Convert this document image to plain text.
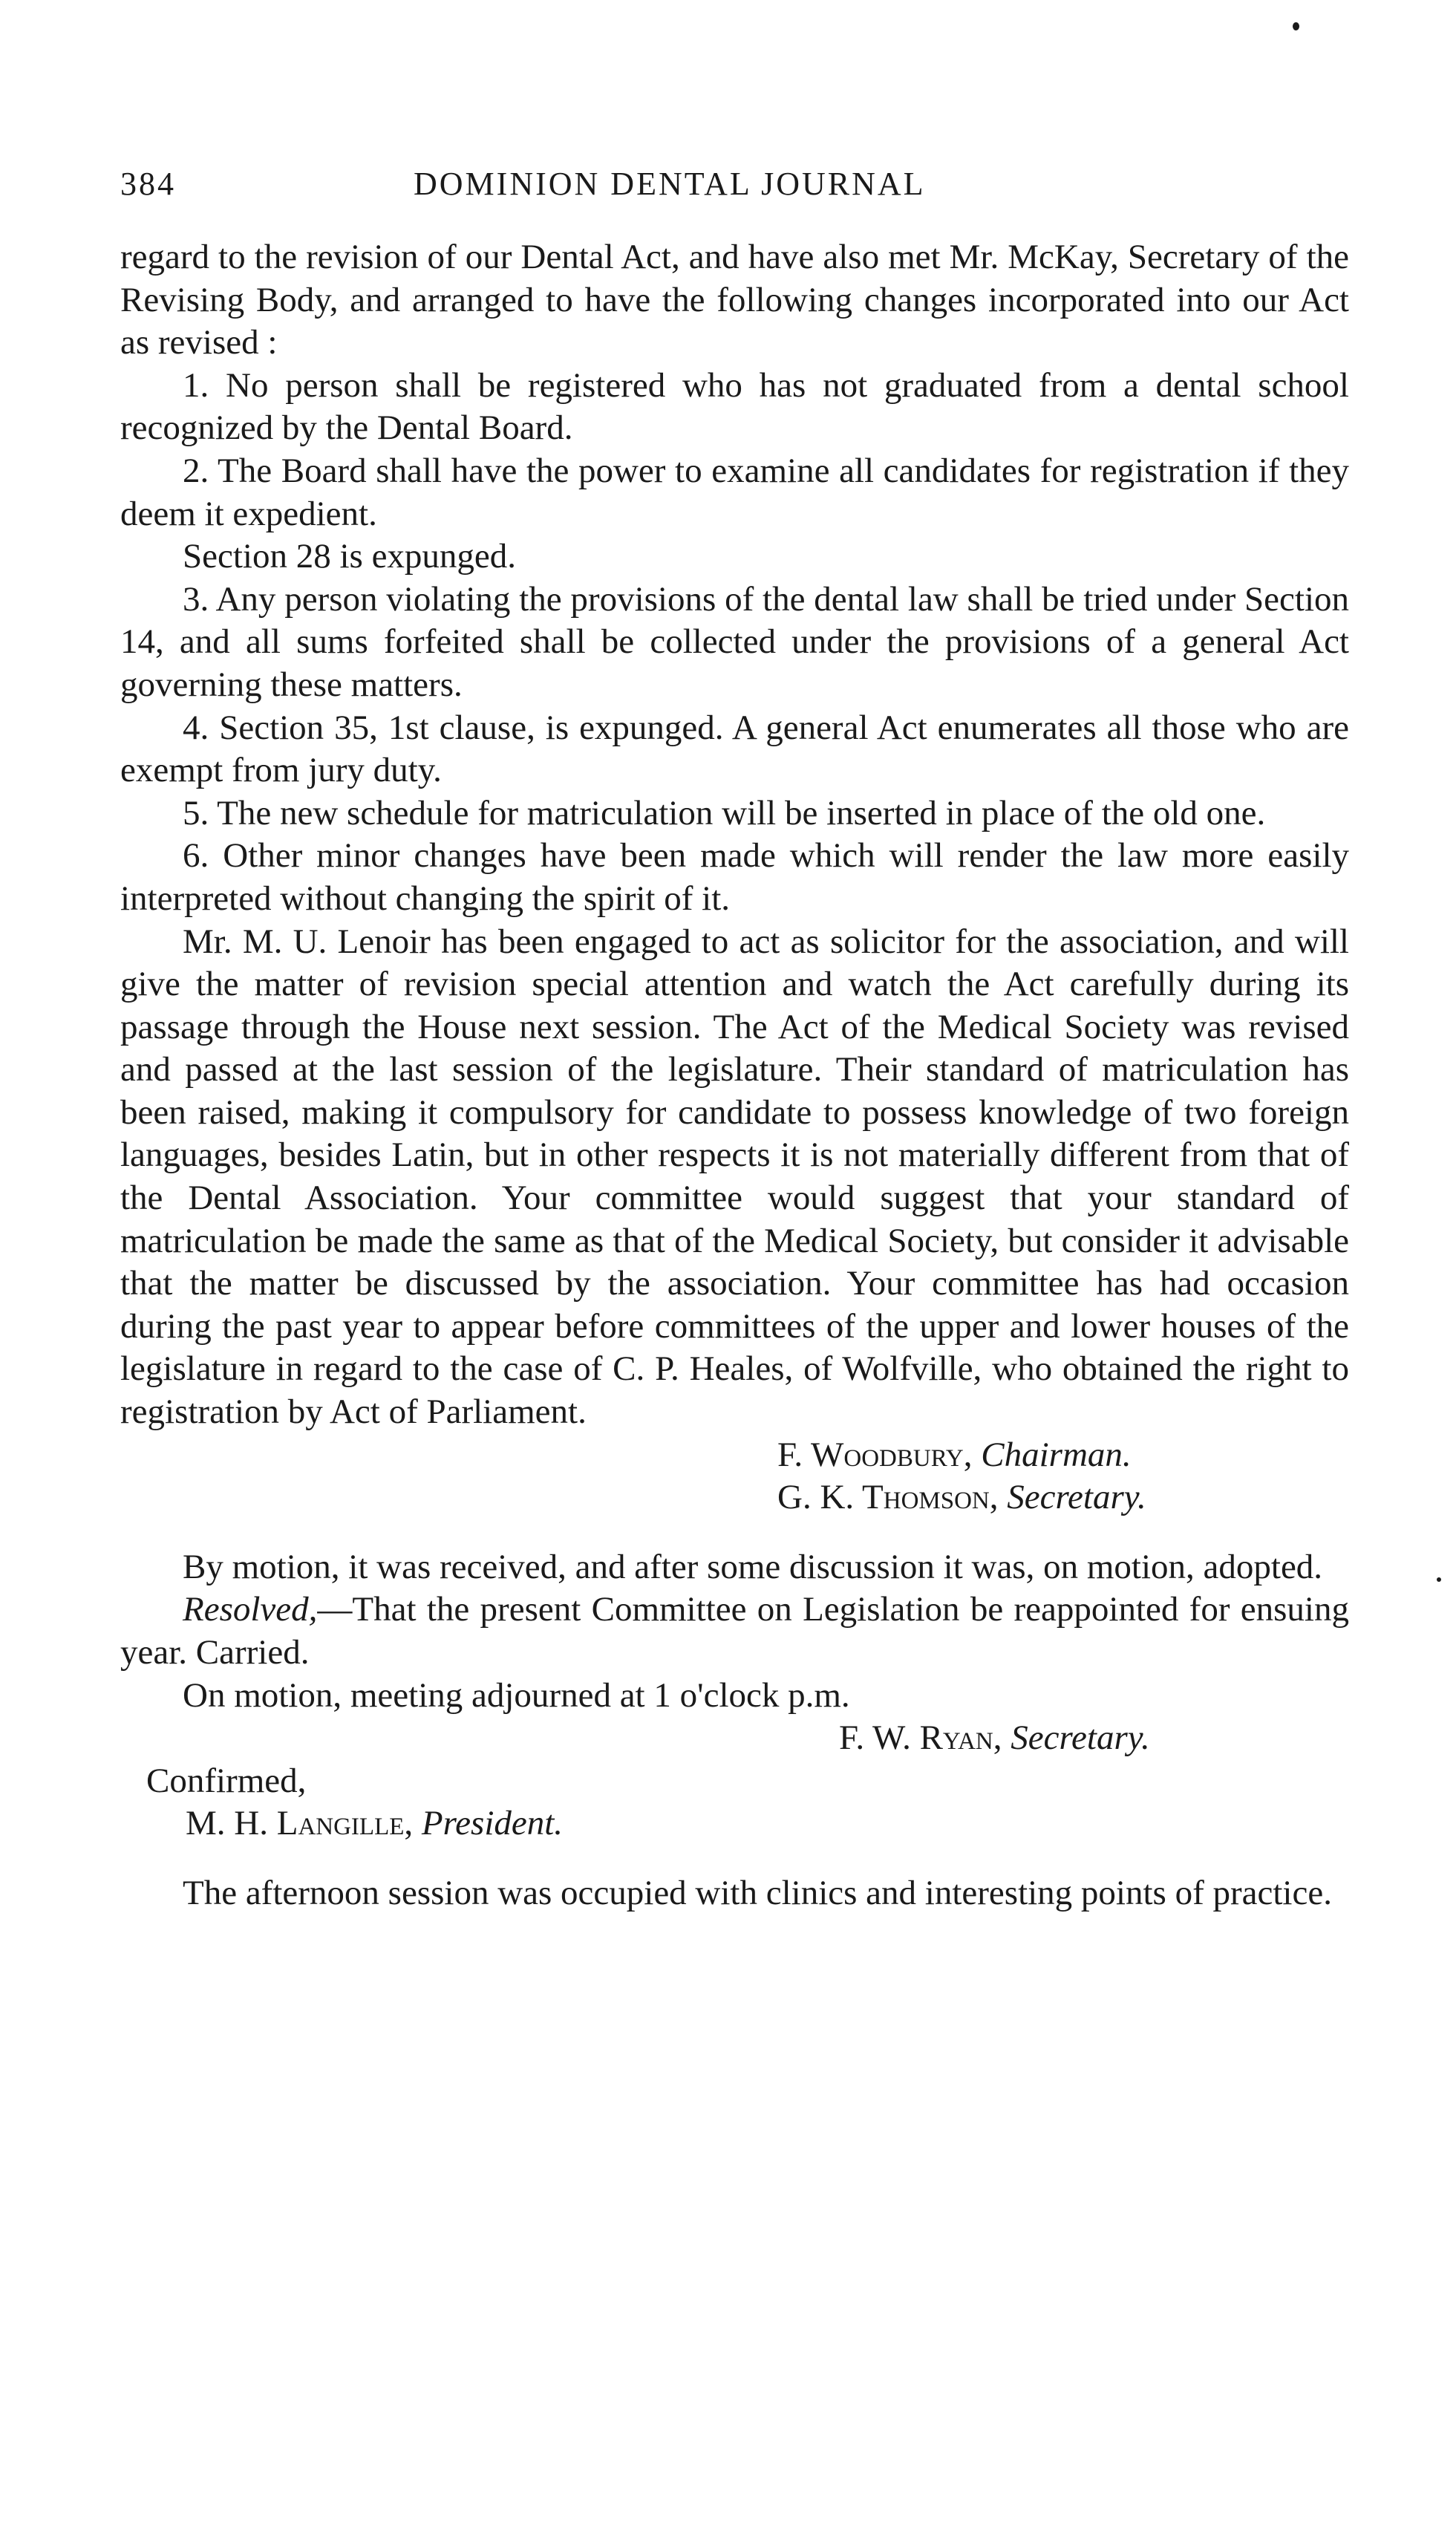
384	DOMINION DENTAL JOURNAL

regard to the revision of our Dental Act, and have also met Mr. McKay, Secretary of the Revising Body, and arranged to have the following changes incorporated into our Act as revised :

1. No person shall be registered who has not graduated from a dental school recognized by the Dental Board.

2. The Board shall have the power to examine all candidates for registration if they deem it expedient.

Section 28 is expunged.

3. Any person violating the provisions of the dental law shall be tried under Section 14, and all sums forfeited shall be collected under the provisions of a general Act governing these matters.

4. Section 35, 1st clause, is expunged. A general Act enumerates all those who are exempt from jury duty.

5. The new schedule for matriculation will be inserted in place of the old one.

6. Other minor changes have been made which will render the law more easily interpreted without changing the spirit of it.

Mr. M. U. Lenoir has been engaged to act as solicitor for the association, and will give the matter of revision special attention and watch the Act carefully during its passage through the House next session. The Act of the Medical Society was revised and passed at the last session of the legislature. Their standard of matriculation has been raised, making it compulsory for candidate to possess knowledge of two foreign languages, besides Latin, but in other respects it is not materially different from that of the Dental Association. Your committee would suggest that your standard of matriculation be made the same as that of the Medical Society, but consider it advisable that the matter be discussed by the association. Your committee has had occasion during the past year to appear before committees of the upper and lower houses of the legislature in regard to the case of C. P. Heales, of Wolfville, who obtained the right to registration by Act of Parliament.

F. Woodbury, Chairman.
G. K. Thomson, Secretary.

By motion, it was received, and after some discussion it was, on motion, adopted.

Resolved,—That the present Committee on Legislation be reappointed for ensuing year. Carried.

On motion, meeting adjourned at 1 o'clock p.m.

F. W. Ryan, Secretary.
Confirmed,
M. H. Langille, President.

The afternoon session was occupied with clinics and interesting points of practice.
